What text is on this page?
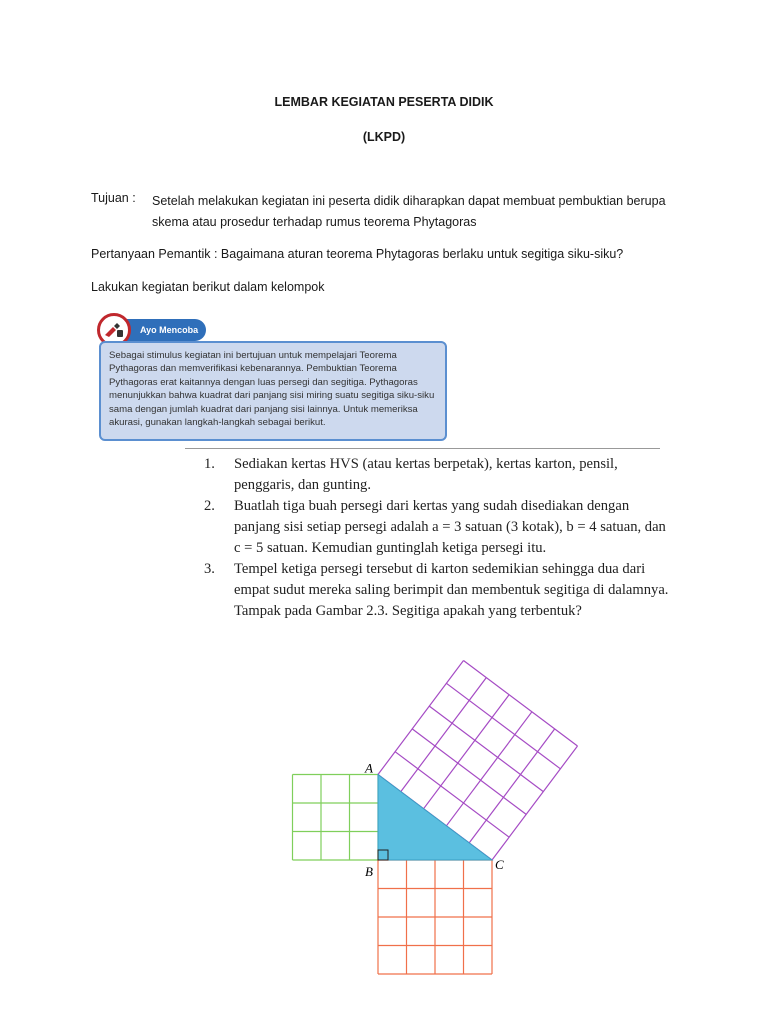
LEMBAR KEGIATAN PESERTA DIDIK
(LKPD)
Tujuan : Setelah melakukan kegiatan ini peserta didik diharapkan dapat membuat pembuktian berupa skema atau prosedur terhadap rumus teorema Phytagoras
Pertanyaan Pemantik : Bagaimana aturan teorema Phytagoras berlaku untuk segitiga siku-siku?
Lakukan kegiatan berikut dalam kelompok
Ayo Mencoba
Sebagai stimulus kegiatan ini bertujuan untuk mempelajari Teorema Pythagoras dan memverifikasi kebenarannya. Pembuktian Teorema Pythagoras erat kaitannya dengan luas persegi dan segitiga. Pythagoras menunjukkan bahwa kuadrat dari panjang sisi miring suatu segitiga siku-siku sama dengan jumlah kuadrat dari panjang sisi lainnya. Untuk memeriksa akurasi, gunakan langkah-langkah sebagai berikut.
1. Sediakan kertas HVS (atau kertas berpetak), kertas karton, pensil, penggaris, dan gunting.
2. Buatlah tiga buah persegi dari kertas yang sudah disediakan dengan panjang sisi setiap persegi adalah a = 3 satuan (3 kotak), b = 4 satuan, dan c = 5 satuan. Kemudian guntinglah ketiga persegi itu.
3. Tempel ketiga persegi tersebut di karton sedemikian sehingga dua dari empat sudut mereka saling berimpit dan membentuk segitiga di dalamnya. Tampak pada Gambar 2.3. Segitiga apakah yang terbentuk?
A
B	C
